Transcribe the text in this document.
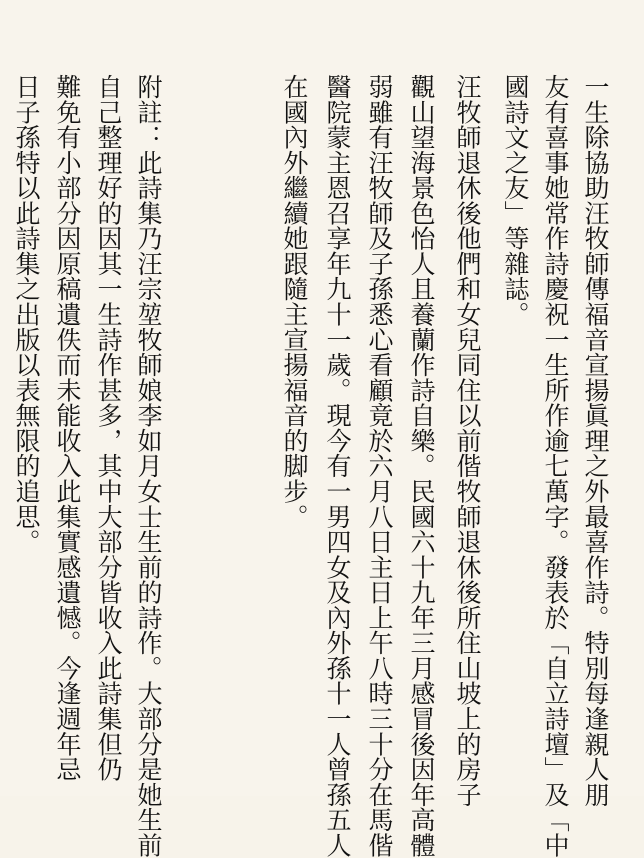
一生除協助汪牧師傳福音宣揚眞理之外最喜作詩。特別每逢親人朋
友有喜事她常作詩慶祝一生所作逾七萬字。發表於「自立詩壇」及「中
國詩文之友」等雜誌。
汪牧師退休後他們和女兒同住以前偕牧師退休後所住山坡上的房子
觀山望海景色怡人且養蘭作詩自樂。民國六十九年三月感冒後因年高體
弱雖有汪牧師及子孫悉心看顧竟於六月八日主日上午八時三十分在馬偕
醫院蒙主恩召享年九十一歲。現今有一男四女及內外孫十一人曾孫五人
在國內外繼續她跟隨主宣揚福音的脚步。
附註：此詩集乃汪宗堃牧師娘李如月女士生前的詩作。大部分是她生前
自己整理好的因其一生詩作甚多，其中大部分皆收入此詩集但仍
難免有小部分因原稿遺佚而未能收入此集實感遺憾。今逢週年忌
日子孫特以此詩集之出版以表無限的追思。
